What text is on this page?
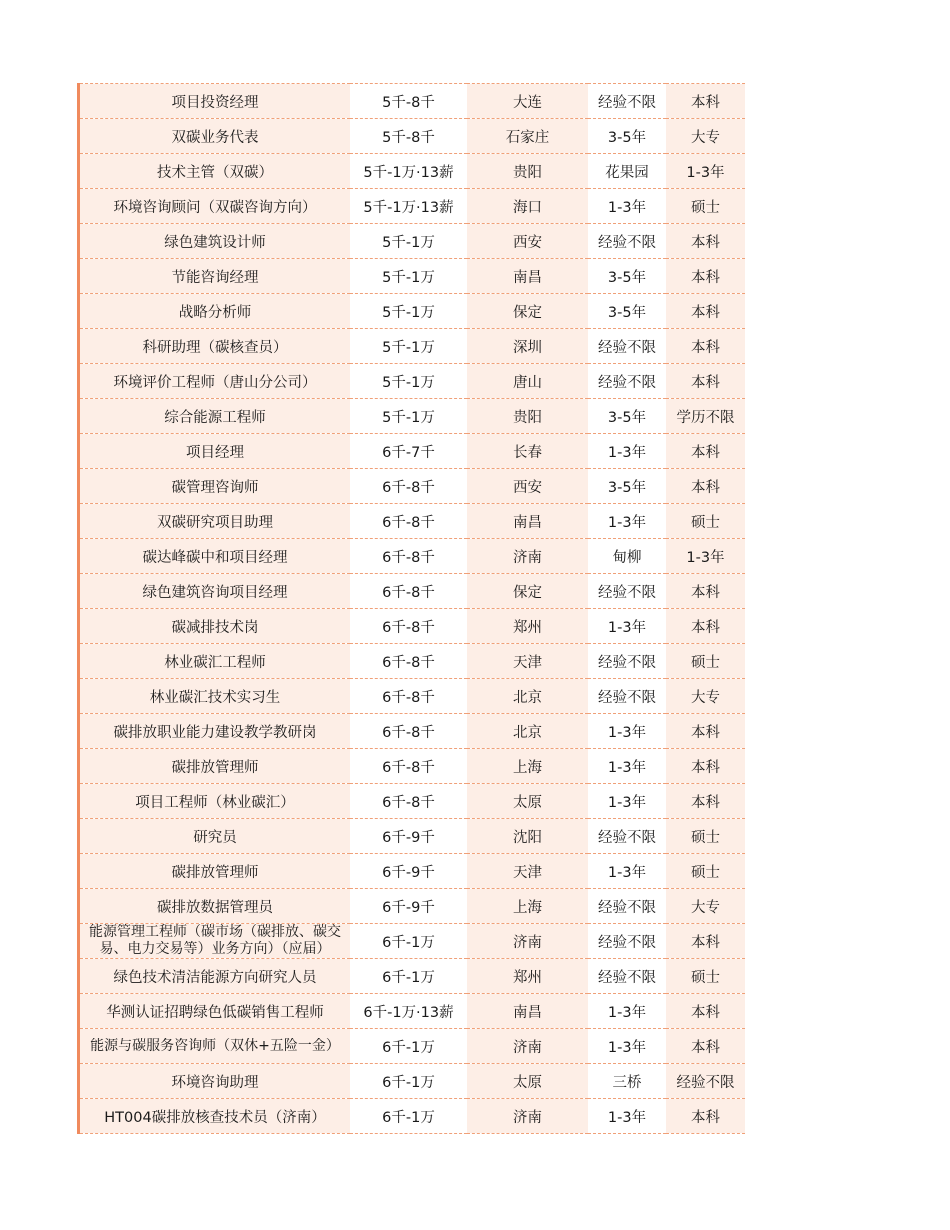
项目投资经理	5千-8千	大连	经验不限	本科
双碳业务代表	5千-8千	石家庄	3-5年	大专
技术主管（双碳）	5千-1万·13薪	贵阳	花果园	1-3年
环境咨询顾问（双碳咨询方向）	5千-1万·13薪	海口	1-3年	硕士
绿色建筑设计师	5千-1万	西安	经验不限	本科
节能咨询经理	5千-1万	南昌	3-5年	本科
战略分析师	5千-1万	保定	3-5年	本科
科研助理（碳核查员）	5千-1万	深圳	经验不限	本科
环境评价工程师（唐山分公司）	5千-1万	唐山	经验不限	本科
综合能源工程师	5千-1万	贵阳	3-5年	学历不限
项目经理	6千-7千	长春	1-3年	本科
碳管理咨询师	6千-8千	西安	3-5年	本科
双碳研究项目助理	6千-8千	南昌	1-3年	硕士
碳达峰碳中和项目经理	6千-8千	济南	甸柳	1-3年
绿色建筑咨询项目经理	6千-8千	保定	经验不限	本科
碳减排技术岗	6千-8千	郑州	1-3年	本科
林业碳汇工程师	6千-8千	天津	经验不限	硕士
林业碳汇技术实习生	6千-8千	北京	经验不限	大专
碳排放职业能力建设教学教研岗	6千-8千	北京	1-3年	本科
碳排放管理师	6千-8千	上海	1-3年	本科
项目工程师（林业碳汇）	6千-8千	太原	1-3年	本科
研究员	6千-9千	沈阳	经验不限	硕士
碳排放管理师	6千-9千	天津	1-3年	硕士
碳排放数据管理员	6千-9千	上海	经验不限	大专

能源管理工程师（碳市场（碳排放、碳交易、电力交易等）业务方向）（应届）	6千-1万	济南	经验不限	本科
绿色技术清洁能源方向研究人员	6千-1万	郑州	经验不限	硕士
华测认证招聘绿色低碳销售工程师	6千-1万·13薪	南昌	1-3年	本科

能源与碳服务咨询师（双休+五险一金）	6千-1万	济南	1-3年	本科
环境咨询助理	6千-1万	太原	三桥	经验不限
HT004碳排放核查技术员（济南）	6千-1万	济南	1-3年	本科
